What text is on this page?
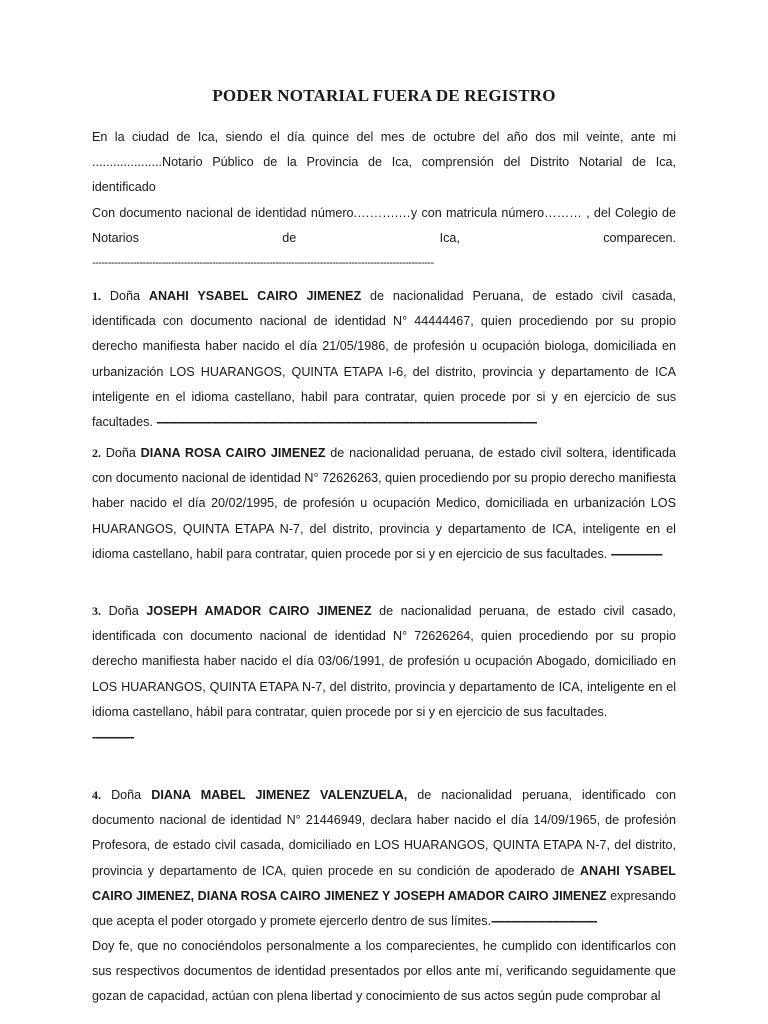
PODER NOTARIAL FUERA DE REGISTRO
En la ciudad de Ica, siendo el día quince del mes de octubre del año dos mil veinte, ante mi
....................Notario Público de la Provincia de Ica, comprensión del Distrito Notarial de Ica,
identificado
Con documento nacional de identidad número.……….…y con matricula número……… , del Colegio de
Notarios de Ica, comparecen.
------------------------------------------------------------------------------------------------------------

1. Doña ANAHI YSABEL CAIRO JIMENEZ de nacionalidad Peruana, de estado civil casada, identificada con documento nacional de identidad N° 44444467, quien procediendo por su propio derecho manifiesta haber nacido el día 21/05/1986, de profesión u ocupación biologa, domiciliada en urbanización LOS HUARANGOS, QUINTA ETAPA I-6, del distrito, provincia y departamento de ICA inteligente en el idioma castellano, habil para contratar, quien procede por si y en ejercicio de sus facultades. -----------------------------------------------------------------------------------------------------------------------

2. Doña DIANA ROSA CAIRO JIMENEZ de nacionalidad peruana, de estado civil soltera, identificada con documento nacional de identidad N° 72626263, quien procediendo por su propio derecho manifiesta haber nacido el día 20/02/1995, de profesión u ocupación Medico, domiciliada en urbanización LOS HUARANGOS, QUINTA ETAPA N-7, del distrito, provincia y departamento de ICA, inteligente en el idioma castellano, habil para contratar, quien procede por si y en ejercicio de sus facultades. ----------------

3. Doña JOSEPH AMADOR CAIRO JIMENEZ de nacionalidad peruana, de estado civil casado, identificada con documento nacional de identidad N° 72626264, quien procediendo por su propio derecho manifiesta haber nacido el día 03/06/1991, de profesión u ocupación Abogado, domiciliado en LOS HUARANGOS, QUINTA ETAPA N-7, del distrito, provincia y departamento de ICA, inteligente en el idioma castellano, hábil para contratar, quien procede por si y en ejercicio de sus facultades.
-------------

4. Doña DIANA MABEL JIMENEZ VALENZUELA, de nacionalidad peruana, identificado con documento nacional de identidad N° 21446949, declara haber nacido el día 14/09/1965, de profesión Profesora, de estado civil casada, domiciliado en LOS HUARANGOS, QUINTA ETAPA N-7, del distrito, provincia y departamento de ICA, quien procede en su condición de apoderado de ANAHI YSABEL CAIRO JIMENEZ, DIANA ROSA CAIRO JIMENEZ Y JOSEPH AMADOR CAIRO JIMENEZ expresando que acepta el poder otorgado y promete ejercerlo dentro de sus límites.---------------------------------

Doy fe, que no conociéndolos personalmente a los comparecientes, he cumplido con identificarlos con sus respectivos documentos de identidad presentados por ellos ante mí, verificando seguidamente que gozan de capacidad, actúan con plena libertad y conocimiento de sus actos según pude comprobar al
